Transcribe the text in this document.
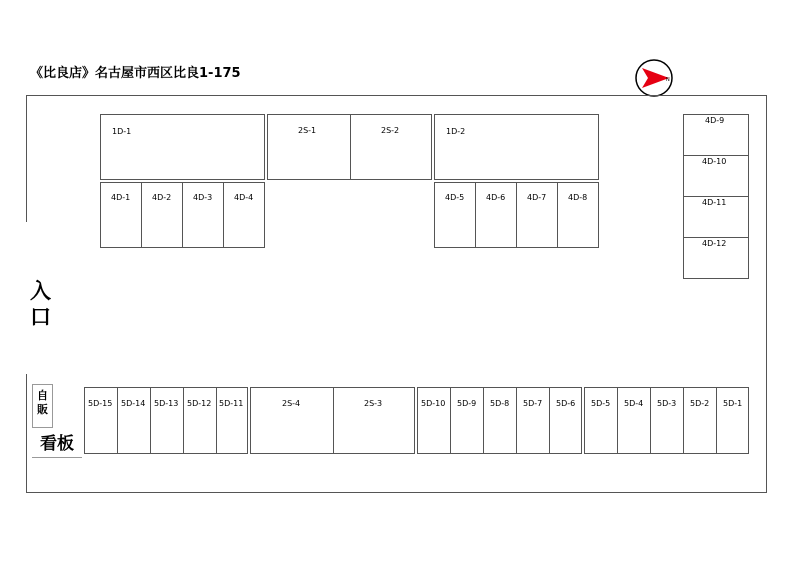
《比良店》名古屋市西区比良1-175	N
入
口
1D-1	2S-1	2S-2	1D-2
4D-1	4D-2	4D-3	4D-4	4D-5	4D-6	4D-7	4D-8
4D-9
4D-10
4D-11
4D-12
5D-15 5D-14 5D-13 5D-12 5D-11	2S-4	2S-3	5D-10 5D-9 5D-8 5D-7 5D-6 5D-5 5D-4 5D-3 5D-2 5D-1
自
販
看板
